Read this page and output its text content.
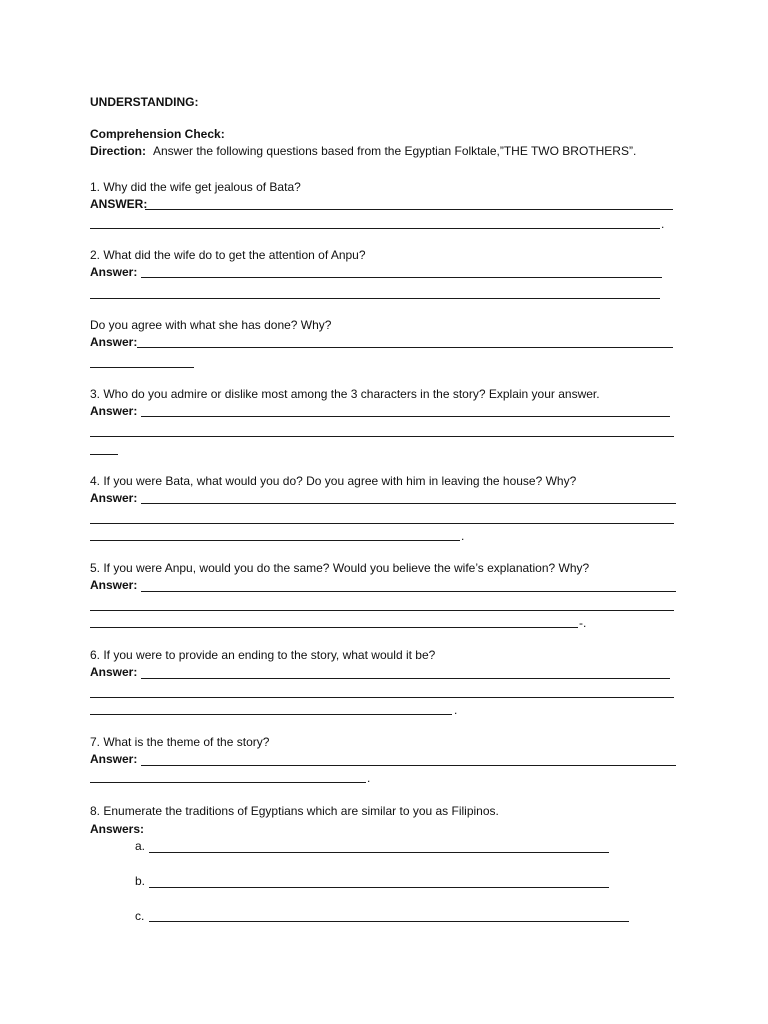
UNDERSTANDING:
Comprehension Check:
Direction: Answer the following questions based from the Egyptian Folktale,”THE TWO BROTHERS”.
1. Why did the wife get jealous of Bata?
ANSWER:
.
2. What did the wife do to get the attention of Anpu?
Answer:
Do you agree with what she has done? Why?
Answer:
3. Who do you admire or dislike most among the 3 characters in the story? Explain your answer.
Answer:
4. If you were Bata, what would you do? Do you agree with him in leaving the house? Why?
Answer:
.
5. If you were Anpu, would you do the same? Would you believe the wife’s explanation? Why?
Answer:
-.
6. If you were to provide an ending to the story, what would it be?
Answer:
.
7. What is the theme of the story?
Answer:
.
8. Enumerate the traditions of Egyptians which are similar to you as Filipinos.
Answers:
a.
b.
c.
